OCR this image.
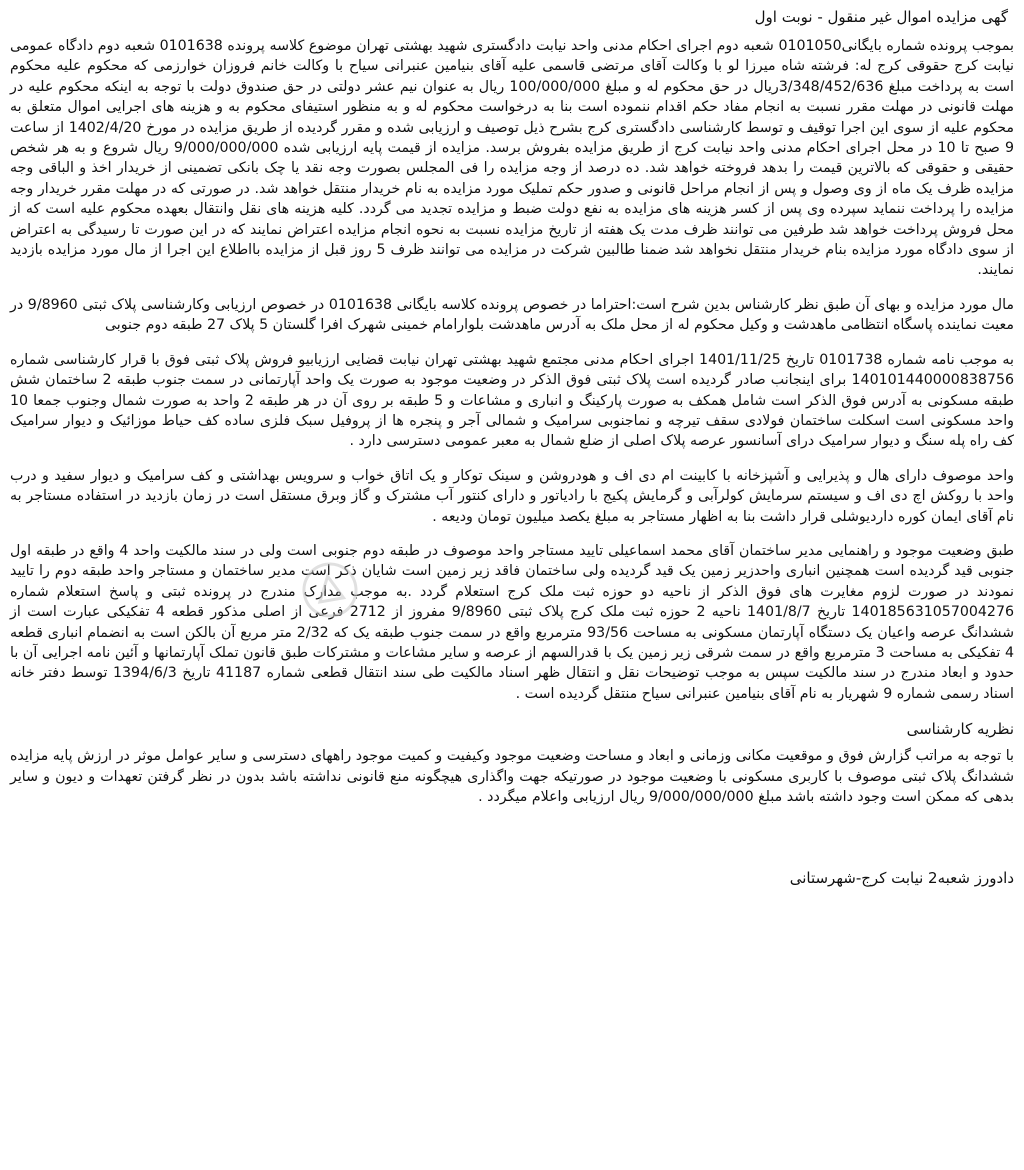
گهی مزایده اموال غیر منقول - نوبت اول

بموجب پرونده شماره بایگانی0101050 شعبه دوم اجرای احکام مدنی واحد نیابت دادگستری شهید بهشتی تهران موضوع کلاسه پرونده 0101638 شعبه دوم دادگاه عمومی نیابت کرج حقوقی کرج له: فرشته شاه میرزا لو با وکالت آقای مرتضی قاسمی علیه آقای بنیامین عنبرانی سیاح با وکالت خانم فروزان خوارزمی که محکوم علیه محکوم است به پرداخت مبلغ 3/348/452/636ریال در حق محکوم له و مبلغ 100/000/000 ریال به عنوان نیم عشر دولتی در حق صندوق دولت با توجه به اینکه محکوم علیه در مهلت قانونی در مهلت مقرر نسبت به انجام مفاد حکم اقدام ننموده است بنا به درخواست محکوم له و به منظور استیفای محکوم به و هزینه های اجرایی اموال متعلق به محکوم علیه از سوی این اجرا توقیف و توسط کارشناسی دادگستری کرج بشرح ذیل توصیف و ارزیابی شده و مقرر گردیده از طریق مزایده در مورخ 1402/4/20 از ساعت 9 صبح تا 10 در محل اجرای احکام مدنی واحد نیابت کرج از طریق مزایده بفروش برسد. مزایده از قیمت پایه ارزیابی شده 9/000/000/000 ریال شروع و به هر شخص حقیقی و حقوقی که بالاترین قیمت را بدهد فروخته خواهد شد. ده درصد از وجه مزایده را فی المجلس بصورت وجه نقد یا چک بانکی تضمینی از خریدار اخذ و الباقی وجه مزایده ظرف یک ماه از وی وصول و پس از انجام مراحل قانونی و صدور حکم تملیک مورد مزایده به نام خریدار منتقل خواهد شد. در صورتی که در مهلت مقرر خریدار وجه مزایده را پرداخت ننماید سپرده وی پس از کسر هزینه های مزایده به نفع دولت ضبط و مزایده تجدید می گردد. کلیه هزینه های نقل وانتقال بعهده محکوم علیه است که از محل فروش پرداخت خواهد شد طرفین می توانند ظرف مدت یک هفته از تاریخ مزایده نسبت به نحوه انجام مزایده اعتراض نمایند که در این صورت تا رسیدگی به اعتراض از سوی دادگاه مورد مزایده بنام خریدار منتقل نخواهد شد ضمنا طالبین شرکت در مزایده می توانند ظرف 5 روز قبل از مزایده بااطلاع این اجرا از مال مورد مزایده بازدید نمایند.

مال مورد مزایده و بهای آن طبق نظر کارشناس بدین شرح است:احتراما در خصوص پرونده کلاسه بایگانی 0101638 در خصوص ارزیابی وکارشناسی پلاک ثبتی 9/8960 در معیت نماینده پاسگاه انتظامی ماهدشت و وکیل محکوم له از محل ملک به آدرس ماهدشت بلوارامام خمینی شهرک افرا گلستان 5 پلاک 27 طبقه دوم جنوبی

به موجب نامه شماره 0101738 تاریخ 1401/11/25 اجرای احکام مدنی مجتمع شهید بهشتی تهران نیابت قضایی ارزیابیو فروش پلاک ثبتی فوق با قرار کارشناسی شماره 140101440000838756 برای اینجانب صادر گردیده است پلاک ثبتی فوق الذکر در وضعیت موجود به صورت یک واحد آپارتمانی در سمت جنوب طبقه 2 ساختمان شش طبقه مسکونی به آدرس فوق الذکر است شامل همکف به صورت پارکینگ و انباری و مشاعات و 5 طبقه بر روی آن در هر طبقه 2 واحد به صورت شمال وجنوب جمعا 10 واحد مسکونی است اسکلت ساختمان فولادی سقف تیرچه و نماجنوبی سرامیک و شمالی آجر و پنجره ها از پروفیل سبک فلزی ساده کف حیاط موزائیک و دیوار سرامیک کف راه پله سنگ و دیوار سرامیک درای آسانسور عرصه پلاک اصلی از ضلع شمال به معبر عمومی دسترسی دارد .

واحد موصوف دارای هال و پذیرایی و آشپزخانه با کابینت ام دی اف و هودروشن و سینک توکار و یک اتاق خواب و سرویس بهداشتی و کف سرامیک و دیوار سفید و درب واحد با روکش اچ دی اف و سیستم سرمایش کولرآبی و گرمایش پکیج با رادیاتور و دارای کنتور آب مشترک و گاز وبرق مستقل است در زمان بازدید در استفاده مستاجر به نام آقای ایمان کوره داردیوشلی قرار داشت بنا به اظهار مستاجر به مبلغ یکصد میلیون تومان ودیعه .

طبق وضعیت موجود و راهنمایی مدیر ساختمان آقای محمد اسماعیلی تایید مستاجر واحد موصوف در طبقه دوم جنوبی است ولی در سند مالکیت واحد 4 واقع در طبقه اول جنوبی قید گردیده است همچنین انباری واحدزیر زمین یک قید گردیده ولی ساختمان فاقد زیر زمین است شایان ذکر است مدیر ساختمان و مستاجر واحد طبقه دوم را تایید نمودند در صورت لزوم مغایرت های فوق الذکر از ناحیه دو حوزه ثبت ملک کرج استعلام گردد .به موجب مدارک مندرج در پرونده ثبتی و پاسخ استعلام شماره 140185631057004276 تاریخ 1401/8/7 ناحیه 2 حوزه ثبت ملک کرج پلاک ثبتی 9/8960 مفروز از 2712 فرعی از اصلی مذکور قطعه 4 تفکیکی عبارت است از ششدانگ عرصه واعیان یک دستگاه آپارتمان مسکونی به مساحت 93/56 مترمربع واقع در سمت جنوب طبقه یک که 2/32 متر مربع آن بالکن است به انضمام انباری قطعه 4 تفکیکی به مساحت 3 مترمربع واقع در سمت شرقی زیر زمین یک با قدرالسهم از عرصه و سایر مشاعات و مشترکات طبق قانون تملک آپارتمانها و آئین نامه اجرایی آن با حدود و ابعاد مندرج در سند مالکیت سپس به موجب توضیحات نقل و انتقال ظهر اسناد مالکیت طی سند انتقال قطعی شماره 41187 تاریخ 1394/6/3 توسط دفتر خانه اسناد رسمی شماره 9 شهریار به نام آقای بنیامین عنبرانی سیاح منتقل گردیده است .

نظریه کارشناسی

با توجه به مراتب گزارش فوق و موقعیت مکانی وزمانی و ابعاد و مساحت وضعیت موجود وکیفیت و کمیت موجود راههای دسترسی و سایر عوامل موثر در ارزش پایه مزایده ششدانگ پلاک ثبتی موصوف با کاربری مسکونی با وضعیت موجود در صورتیکه جهت واگذاری هیچگونه منع قانونی نداشته باشد بدون در نظر گرفتن تعهدات و دیون و سایر بدهی که ممکن است وجود داشته باشد مبلغ 9/000/000/000 ریال ارزیابی واعلام میگردد .

دادورز شعبه2 نیابت کرج-شهرستانی
